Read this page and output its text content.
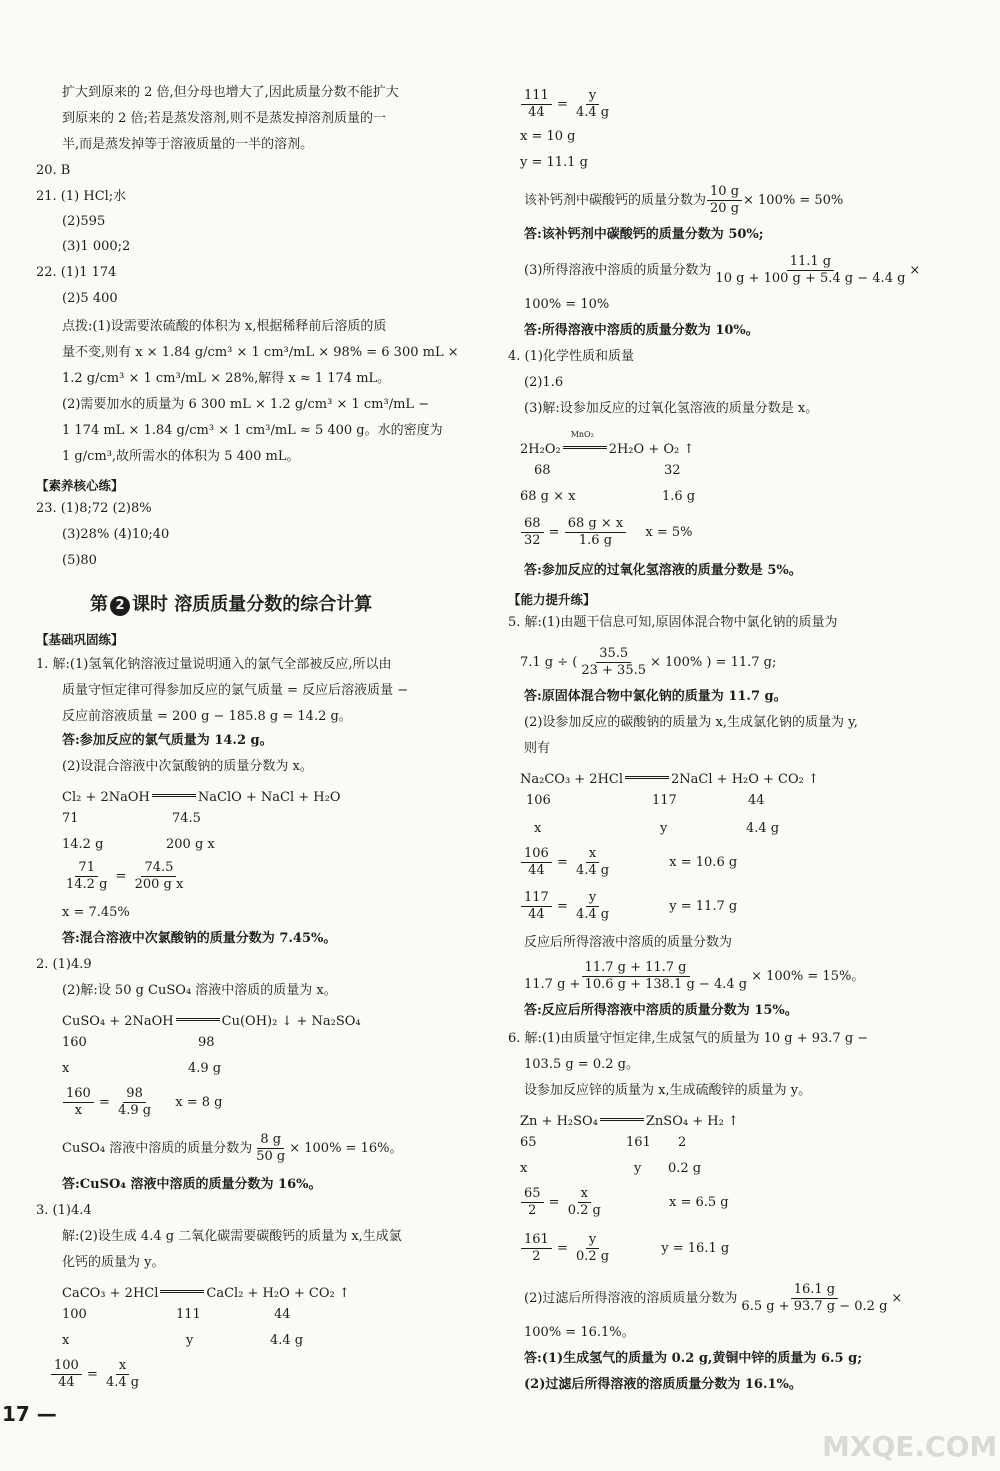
扩大到原来的 2 倍,但分母也增大了,因此质量分数不能扩大
到原来的 2 倍;若是蒸发溶剂,则不是蒸发掉溶剂质量的一
半,而是蒸发掉等于溶液质量的一半的溶剂。
20. B
21. (1) HCl;水
(2)595
(3)1 000;2
22. (1)1 174
(2)5 400
点拨:(1)设需要浓硫酸的体积为 x,根据稀释前后溶质的质
量不变,则有 x × 1.84 g/cm³ × 1 cm³/mL × 98% = 6 300 mL ×
1.2 g/cm³ × 1 cm³/mL × 28%,解得 x ≈ 1 174 mL。
(2)需要加水的质量为 6 300 mL × 1.2 g/cm³ × 1 cm³/mL −
1 174 mL × 1.84 g/cm³ × 1 cm³/mL ≈ 5 400 g。水的密度为
1 g/cm³,故所需水的体积为 5 400 mL。
【素养核心练】
23. (1)8;72 (2)8%
(3)28% (4)10;40
(5)80
第 2 课时 溶质质量分数的综合计算
【基础巩固练】
1. 解:(1)氢氧化钠溶液过量说明通入的氯气全部被反应,所以由
质量守恒定律可得参加反应的氯气质量 = 反应后溶液质量 −
反应前溶液质量 = 200 g − 185.8 g = 14.2 g。
答:参加反应的氯气质量为 14.2 g。
(2)设混合溶液中次氯酸钠的质量分数为 x。
Cl₂ + 2NaOH	NaClO + NaCl + H₂O
71	74.5
14.2 g	200 g x
$\frac{71}{14.2 g} = \frac{74.5}{\text{200 g x}}$
x = 7.45%
答:混合溶液中次氯酸钠的质量分数为 7.45%。
2. (1)4.9
(2)解:设 50 g CuSO₄ 溶液中溶质的质量为 x。
CuSO₄ + 2NaOH	Cu(OH)₂ ↓ + Na₂SO₄
160	98
x	4.9 g
$\frac{160}{x} = \frac{98}{4.9 g}$ x = 8 g
CuSO₄ 溶液中溶质的质量分数为 $\frac{8 g}{50 g} \times 100\% = 16\%$。
答:CuSO₄ 溶液中溶质的质量分数为 16%。
3. (1)4.4
解:(2)设生成 4.4 g 二氧化碳需要碳酸钙的质量为 x,生成氯
化钙的质量为 y。
CaCO₃ + 2HCl	CaCl₂ + H₂O + CO₂ ↑
100	111	44
x	y	4.4 g
$\frac{100}{44} = \frac{x}{4.4 g}$
17 —
$\frac{111}{44} = \frac{y}{4.4 g}$
x = 10 g
y = 11.1 g
该补钙剂中碳酸钙的质量分数为 $\frac{10 g}{20 g} \times 100\% = 50\%$
答:该补钙剂中碳酸钙的质量分数为 50%;
(3)所得溶液中溶质的质量分数为 $\frac{11.1 g}{10 g + 100 g + 5.4 g - 4.4 g}$ ×
100% = 10%
答:所得溶液中溶质的质量分数为 10%。
4. (1)化学性质和质量
(2)1.6
(3)解:设参加反应的过氧化氢溶液的质量分数是 x。
2H₂O₂
MnO₂
2H₂O + O₂ ↑
68	32
68 g × x	1.6 g
$\frac{68}{32} = \frac{68 g \times x}{1.6 g}$ x = 5%
答:参加反应的过氧化氢溶液的质量分数是 5%。
【能力提升练】
5. 解:(1)由题干信息可知,原固体混合物中氯化钠的质量为
7.1 g ÷ ( $\frac{35.5}{23 + 35.5} \times 100\%$ ) = 11.7 g;
答:原固体混合物中氯化钠的质量为 11.7 g。
(2)设参加反应的碳酸钠的质量为 x,生成氯化钠的质量为 y,
则有
Na₂CO₃ + 2HCl	2NaCl + H₂O + CO₂ ↑
106	117	44
x	y	4.4 g
$\frac{106}{44} = \frac{x}{4.4 g}$	x = 10.6 g
$\frac{117}{44} = \frac{y}{4.4 g}$	y = 11.7 g
反应后所得溶液中溶质的质量分数为
$\frac{11.7 g + 11.7 g}{11.7 g + 10.6 g + 138.1 g - 4.4 g} \times 100\% = 15\%$。
答:反应后所得溶液中溶质的质量分数为 15%。
6. 解:(1)由质量守恒定律,生成氢气的质量为 10 g + 93.7 g −
103.5 g = 0.2 g。
设参加反应锌的质量为 x,生成硫酸锌的质量为 y。
Zn + H₂SO₄	ZnSO₄ + H₂ ↑
65	161 2
x	y 0.2 g
$\frac{65}{2} = \frac{x}{0.2 g}$	x = 6.5 g
$\frac{161}{2} = \frac{y}{0.2 g}$	y = 16.1 g
(2)过滤后所得溶液的溶质质量分数为 $\frac{16.1 g}{6.5 g + 93.7 g - 0.2 g}$ ×
100% = 16.1%。
答:(1)生成氢气的质量为 0.2 g,黄铜中锌的质量为 6.5 g;
(2)过滤后所得溶液的溶质质量分数为 16.1%。
MXQE.COM
